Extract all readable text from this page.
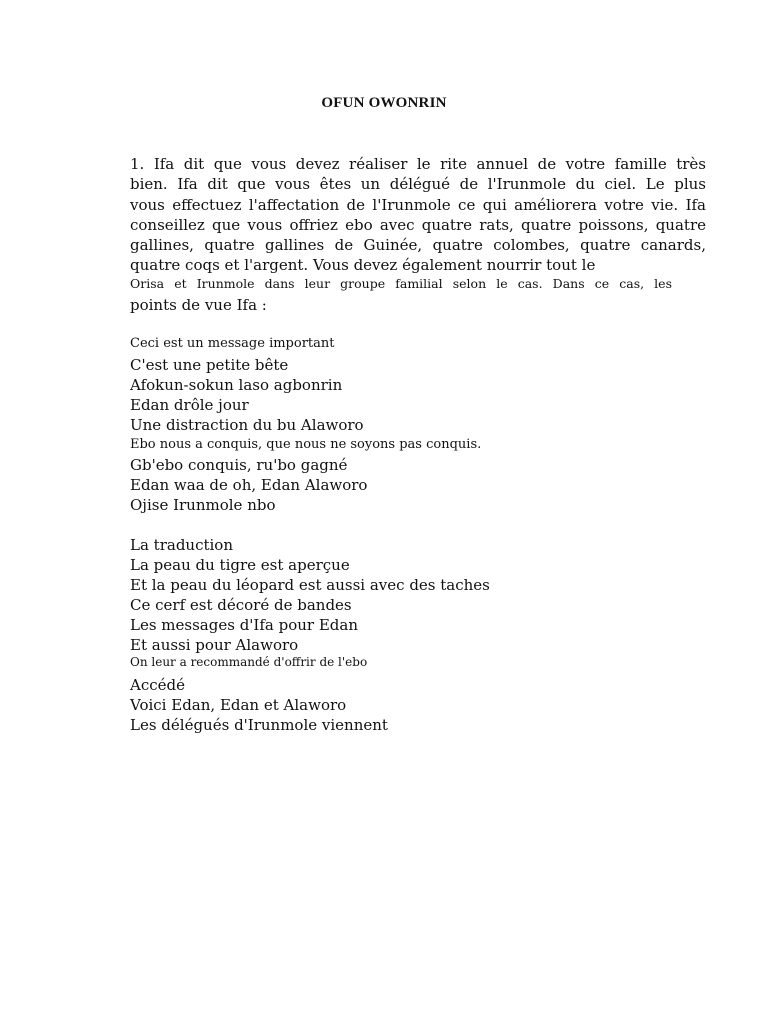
OFUN OWONRIN
1. Ifa dit que vous devez réaliser le rite annuel de votre famille très
bien. Ifa dit que vous êtes un délégué de l'Irunmole du ciel. Le plus
vous effectuez l'affectation de l'Irunmole ce qui améliorera votre vie. Ifa
conseillez que vous offriez ebo avec quatre rats, quatre poissons, quatre
gallines, quatre gallines de Guinée, quatre colombes, quatre canards,
quatre coqs et l'argent. Vous devez également nourrir tout le
Orisa et Irunmole dans leur groupe familial selon le cas. Dans ce cas, les
points de vue Ifa :
Ceci est un message important
C'est une petite bête
Afokun-sokun laso agbonrin
Edan drôle jour
Une distraction du bu Alaworo
Ebo nous a conquis, que nous ne soyons pas conquis.
Gb'ebo conquis, ru'bo gagné
Edan waa de oh, Edan Alaworo
Ojise Irunmole nbo
La traduction
La peau du tigre est aperçue
Et la peau du léopard est aussi avec des taches
Ce cerf est décoré de bandes
Les messages d'Ifa pour Edan
Et aussi pour Alaworo
On leur a recommandé d'offrir de l'ebo
Accédé
Voici Edan, Edan et Alaworo
Les délégués d'Irunmole viennent
